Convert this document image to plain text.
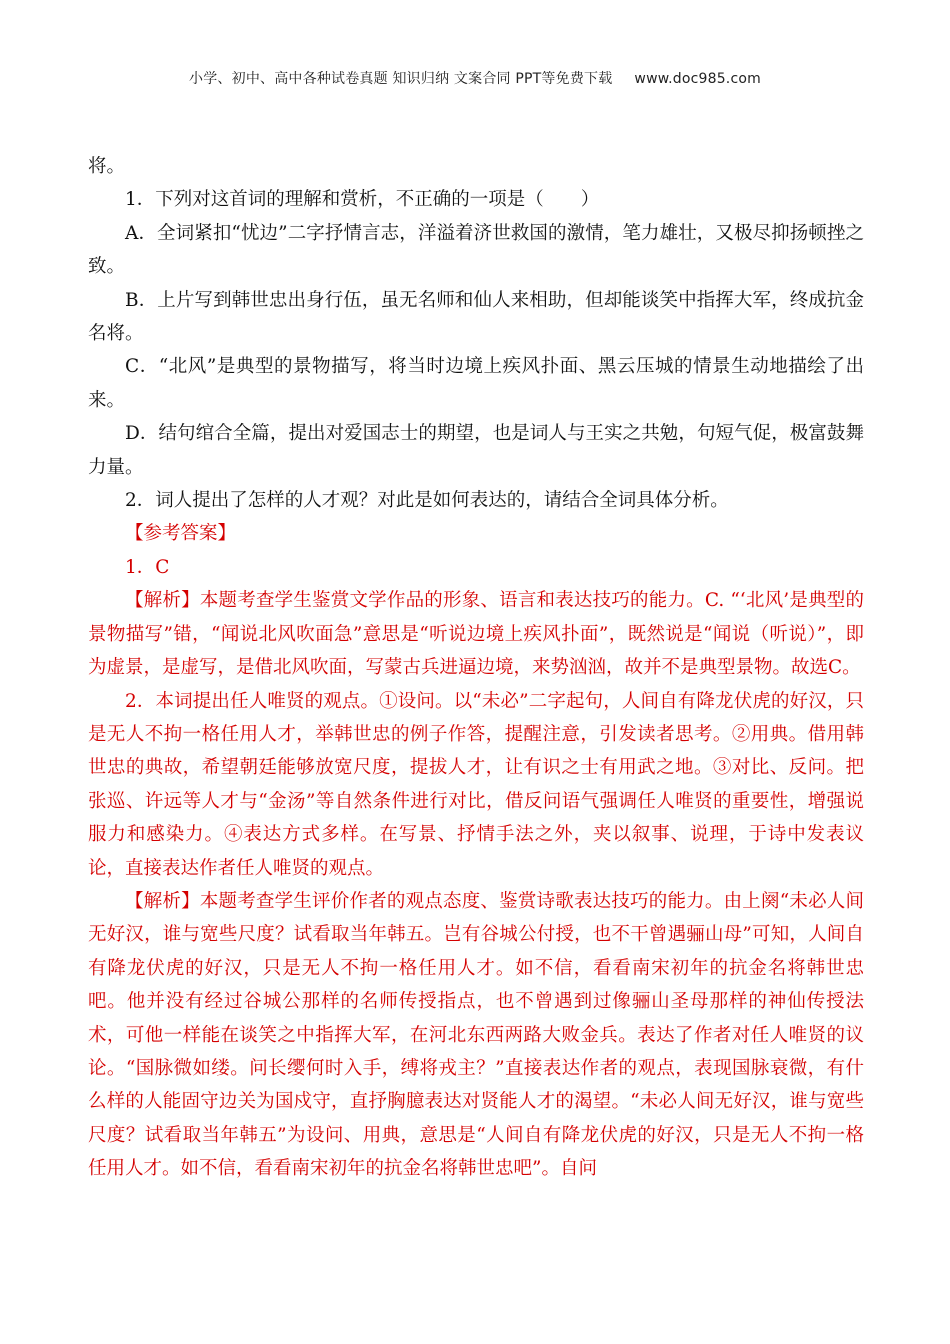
小学、初中、高中各种试卷真题 知识归纳 文案合同 PPT等免费下载 www.doc985.com

将。

1．下列对这首词的理解和赏析，不正确的一项是（　　）

A．全词紧扣“忧边”二字抒情言志，洋溢着济世救国的激情，笔力雄壮，又极尽抑扬顿挫之致。

B．上片写到韩世忠出身行伍，虽无名师和仙人来相助，但却能谈笑中指挥大军，终成抗金名将。

C．“北风”是典型的景物描写，将当时边境上疾风扑面、黑云压城的情景生动地描绘了出来。

D．结句绾合全篇，提出对爱国志士的期望，也是词人与王实之共勉，句短气促，极富鼓舞力量。

2．词人提出了怎样的人才观？对此是如何表达的，请结合全词具体分析。

【参考答案】

1．C

【解析】本题考查学生鉴赏文学作品的形象、语言和表达技巧的能力。C. “‘北风’是典型的景物描写”错，“闻说北风吹面急”意思是“听说边境上疾风扑面”，既然说是“闻说（听说）”，即为虚景，是虚写，是借北风吹面，写蒙古兵进逼边境，来势汹汹，故并不是典型景物。故选C。

2．本词提出任人唯贤的观点。①设问。以“未必”二字起句，人间自有降龙伏虎的好汉，只是无人不拘一格任用人才，举韩世忠的例子作答，提醒注意，引发读者思考。②用典。借用韩世忠的典故，希望朝廷能够放宽尺度，提拔人才，让有识之士有用武之地。③对比、反问。把张巡、许远等人才与“金汤”等自然条件进行对比，借反问语气强调任人唯贤的重要性，增强说服力和感染力。④表达方式多样。在写景、抒情手法之外，夹以叙事、说理，于诗中发表议论，直接表达作者任人唯贤的观点。

【解析】本题考查学生评价作者的观点态度、鉴赏诗歌表达技巧的能力。由上阕“未必人间无好汉，谁与宽些尺度？试看取当年韩五。岂有谷城公付授，也不干曾遇骊山母”可知，人间自有降龙伏虎的好汉，只是无人不拘一格任用人才。如不信，看看南宋初年的抗金名将韩世忠吧。他并没有经过谷城公那样的名师传授指点，也不曾遇到过像骊山圣母那样的神仙传授法术，可他一样能在谈笑之中指挥大军，在河北东西两路大败金兵。表达了作者对任人唯贤的议论。“国脉微如缕。问长缨何时入手，缚将戎主？”直接表达作者的观点，表现国脉衰微，有什么样的人能固守边关为国戍守，直抒胸臆表达对贤能人才的渴望。“未必人间无好汉，谁与宽些尺度？试看取当年韩五”为设问、用典，意思是“人间自有降龙伏虎的好汉，只是无人不拘一格任用人才。如不信，看看南宋初年的抗金名将韩世忠吧”。自问
